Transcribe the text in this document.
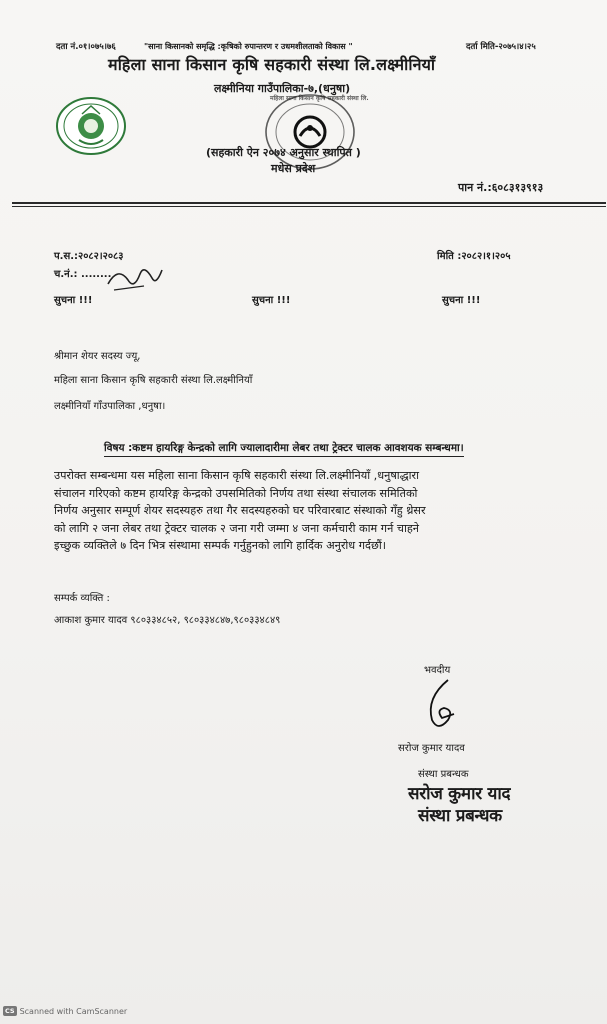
दता नं.०१।०७५।७६	"साना किसानको समृद्धि :कृषिको रुपान्तरण र उधमशीलताको विकास "	दर्ता मिति-२०७५।४।२५
महिला साना किसान कृषि सहकारी संस्था लि.लक्ष्मीनियाँ
लक्ष्मीनिया गाउँपालिका-७,(धनुषा)
महिला साना किसान कृषि सहकारी संस्था लि.
(सहकारी ऐन २०७४ अनुसार स्थापित )
मधेस प्रदेश
पान नं.:६०८३१३९१३
प.स.:२०८२।२०८३
च.नं.: ........
मिति :२०८२।१।२०५
सुचना !!!	सुचना !!!	सुचना !!!
श्रीमान शेयर सदस्य ज्यू,
महिला साना किसान कृषि सहकारी संस्था लि.लक्ष्मीनियाँ
लक्ष्मीनियाँ गाँउपालिका ,धनुषा।
विषय :कष्टम हायरिङ्ग केन्द्रको लागि ज्यालादारीमा लेबर तथा ट्रेक्टर चालक आवशयक सम्बन्धमा।
उपरोक्त सम्बन्धमा यस महिला साना किसान कृषि सहकारी संस्था लि.लक्ष्मीनियाँ ,धनुषाद्धारा
संचालन गरिएको कष्टम हायरिङ्ग केन्द्रको उपसमितिको निर्णय तथा संस्था संचालक समितिको
निर्णय अनुसार सम्पूर्ण शेयर सदस्यहरु तथा गैर सदस्यहरुको घर परिवारबाट संस्थाको गँहु थ्रेसर
को लागि २ जना लेबर तथा ट्रेक्टर चालक २ जना गरी जम्मा ४ जना कर्मचारी काम गर्न चाहने
इच्छुक व्यक्तिले ७ दिन भित्र संस्थामा सम्पर्क गर्नुहुनको लागि हार्दिक अनुरोध गर्दछौं।
सम्पर्क व्यक्ति :
आकाश कुमार यादव ९८०३३४८५२, ९८०३३४८४७,९८०३३४८४९
भवदीय
सरोज कुमार यादव
संस्था प्रबन्धक
सरोज कुमार याद
संस्था प्रबन्धक
CS Scanned with CamScanner
